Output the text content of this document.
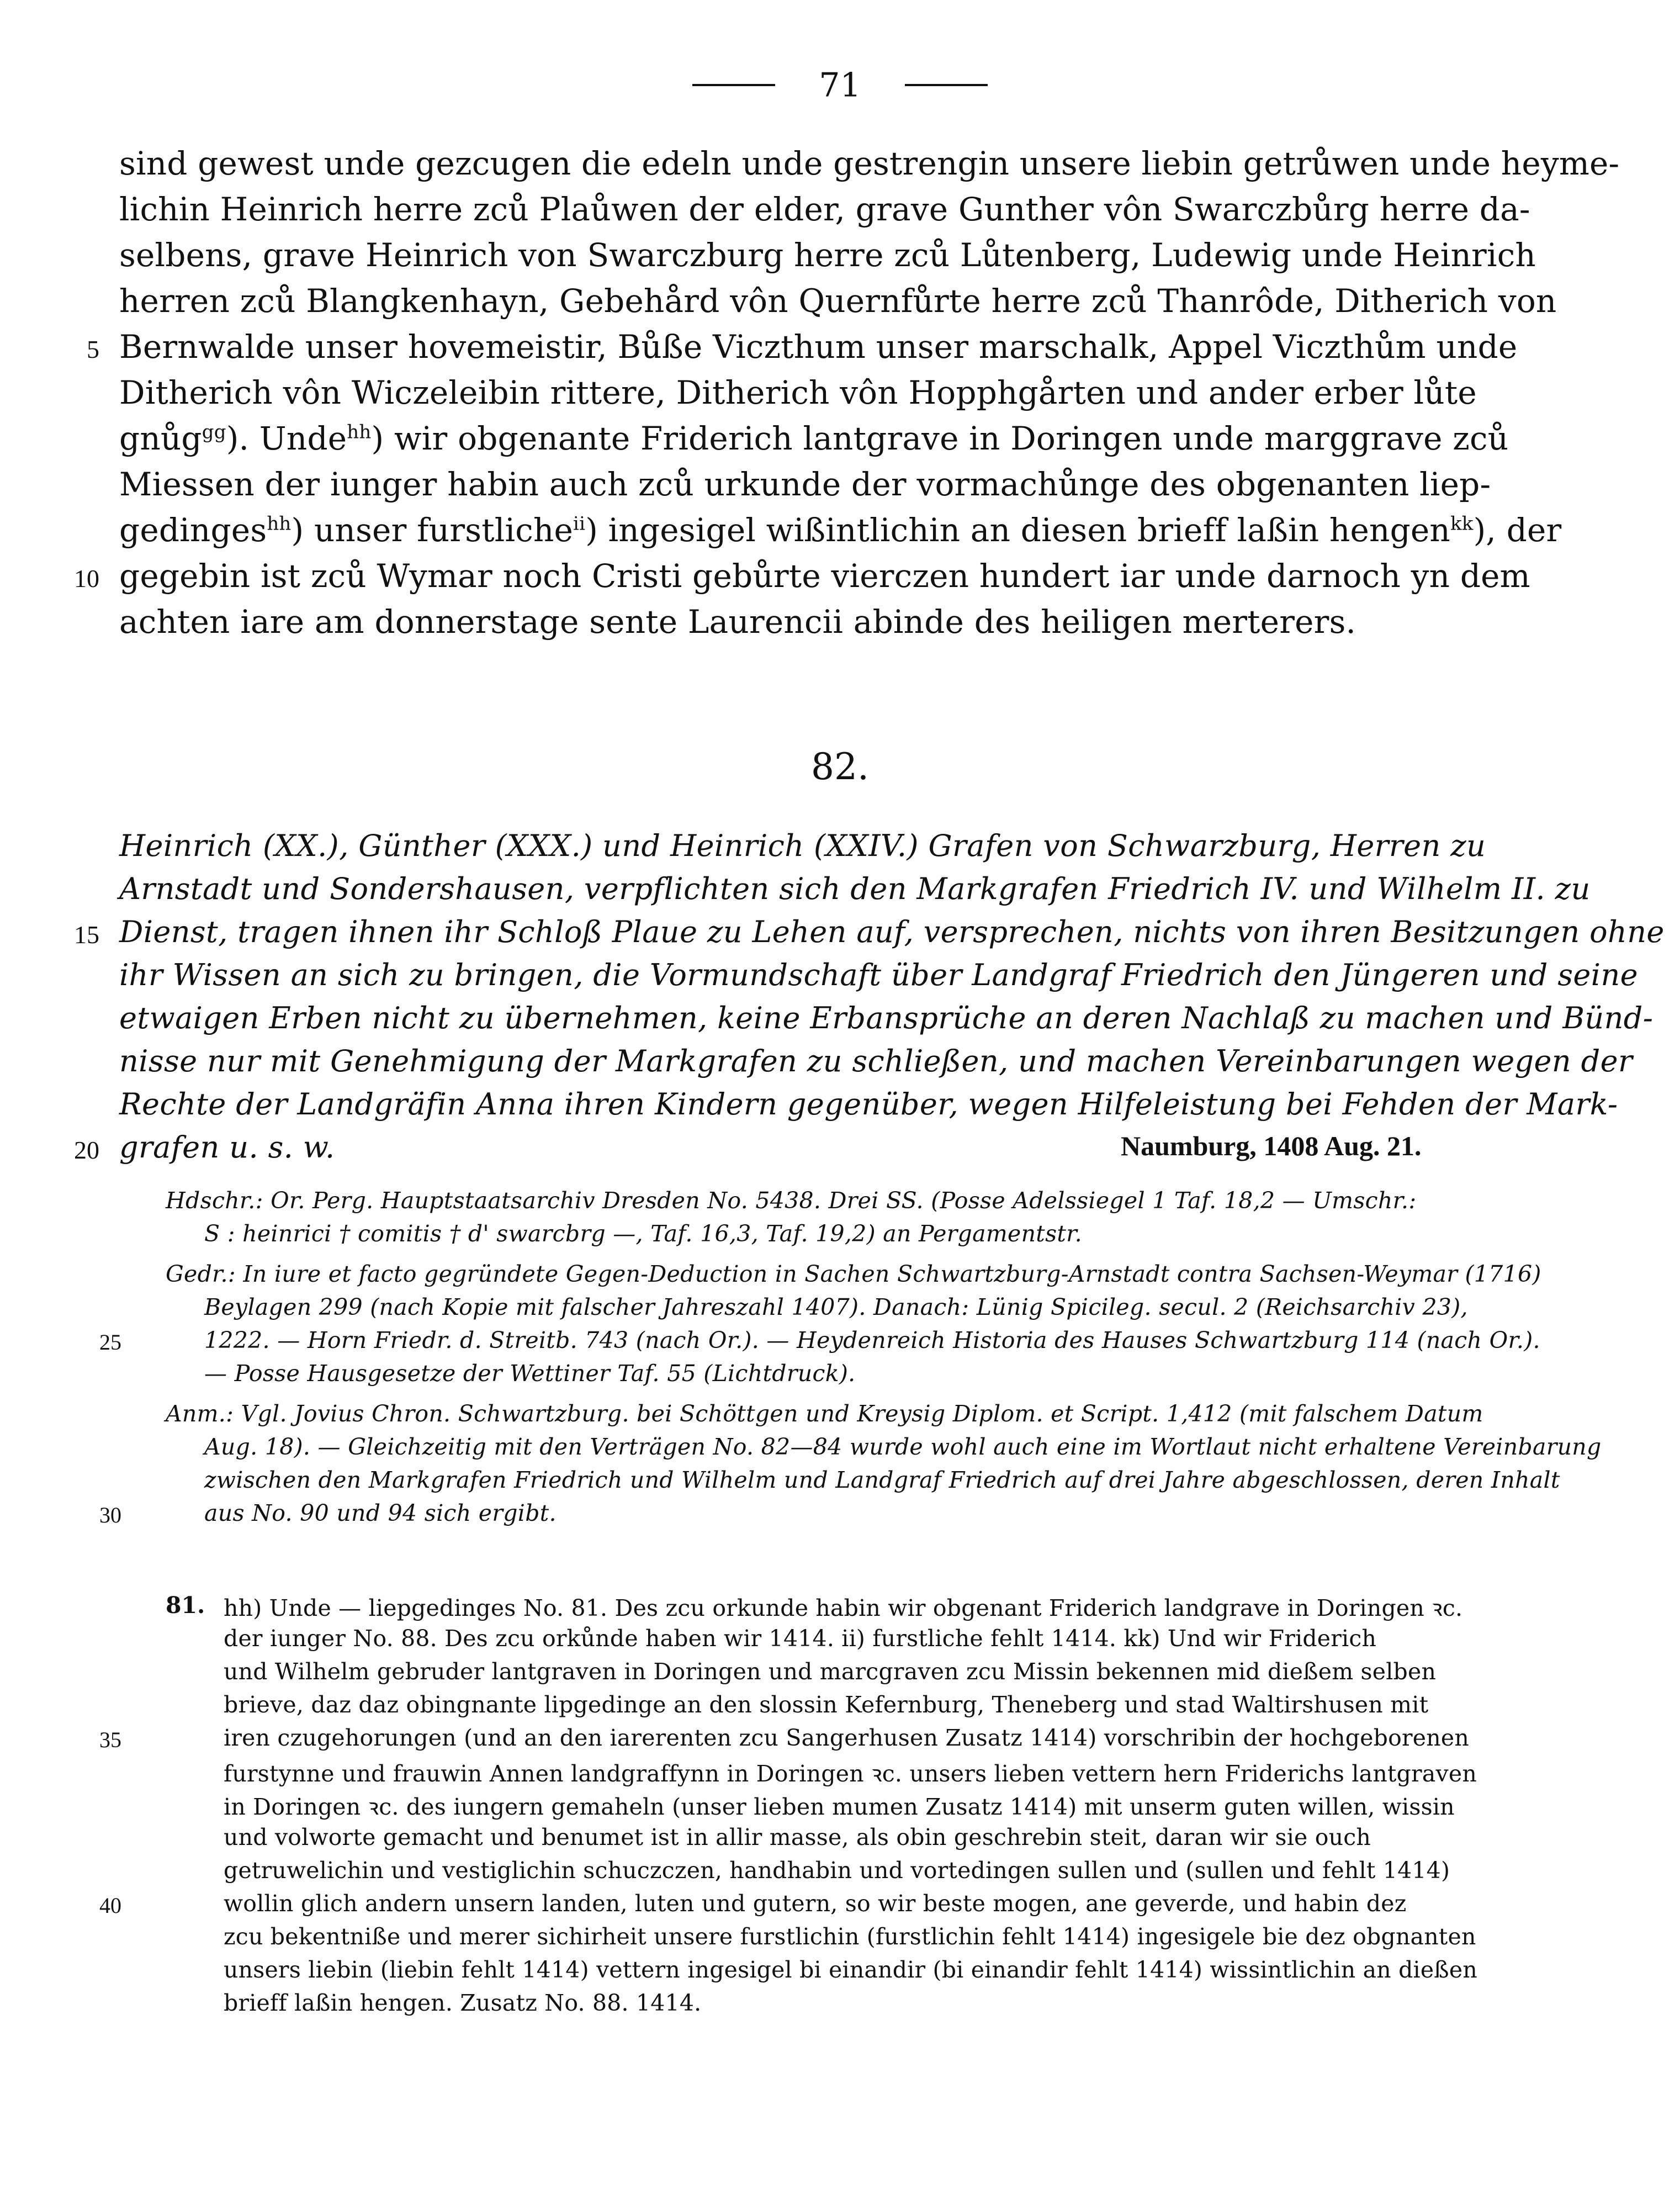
71
sind gewest unde gezcugen die edeln unde gestrengin unsere liebin getrůwen unde heyme-
lichin Heinrich herre zců Plaůwen der elder, grave Gunther vôn Swarczbůrg herre da-
selbens, grave Heinrich von Swarczburg herre zců Lůtenberg, Ludewig unde Heinrich
herren zců Blangkenhayn, Gebehård vôn Quernfůrte herre zců Thanrôde, Ditherich von
5 Bernwalde unser hovemeistir, Bůße Viczthum unser marschalk, Appel Viczthům unde
Ditherich vôn Wiczeleibin rittere, Ditherich vôn Hopphgårten und ander erber lůte
gnůg$^{gg}$). Unde$^{hh}$) wir obgenante Friderich lantgrave in Doringen unde marggrave zců
Miessen der iunger habin auch zců urkunde der vormachůnge des obgenanten liep-
gedinges$^{hh}$) unser furstliche$^{ii}$) ingesigel wißintlichin an diesen brieff laßin hengen$^{kk}$), der
10 gegebin ist zců Wymar noch Cristi gebůrte vierczen hundert iar unde darnoch yn dem
achten iare am donnerstage sente Laurencii abinde des heiligen merterers.
82.
Heinrich (XX.), Günther (XXX.) und Heinrich (XXIV.) Grafen von Schwarzburg, Herren zu
Arnstadt und Sondershausen, verpflichten sich den Markgrafen Friedrich IV. und Wilhelm II. zu
15 Dienst, tragen ihnen ihr Schloß Plaue zu Lehen auf, versprechen, nichts von ihren Besitzungen ohne
ihr Wissen an sich zu bringen, die Vormundschaft über Landgraf Friedrich den Jüngeren und seine
etwaigen Erben nicht zu übernehmen, keine Erbansprüche an deren Nachlaß zu machen und Bünd-
nisse nur mit Genehmigung der Markgrafen zu schließen, und machen Vereinbarungen wegen der
Rechte der Landgräfin Anna ihren Kindern gegenüber, wegen Hilfeleistung bei Fehden der Mark-
20 grafen u. s. w.	Naumburg, 1408 Aug. 21.
Hdschr.: Or. Perg. Hauptstaatsarchiv Dresden No. 5438. Drei SS. (Posse Adelssiegel 1 Taf. 18,2 — Umschr.:
S : heinrici † comitis † d' swarcbrg —, Taf. 16,3, Taf. 19,2) an Pergamentstr.
Gedr.: In iure et facto gegründete Gegen-Deduction in Sachen Schwartzburg-Arnstadt contra Sachsen-Weymar (1716)
Beylagen 299 (nach Kopie mit falscher Jahreszahl 1407). Danach: Lünig Spicileg. secul. 2 (Reichsarchiv 23),
25	1222. — Horn Friedr. d. Streitb. 743 (nach Or.). — Heydenreich Historia des Hauses Schwartzburg 114 (nach Or.).
— Posse Hausgesetze der Wettiner Taf. 55 (Lichtdruck).
Anm.: Vgl. Jovius Chron. Schwartzburg. bei Schöttgen und Kreysig Diplom. et Script. 1,412 (mit falschem Datum
Aug. 18). — Gleichzeitig mit den Verträgen No. 82—84 wurde wohl auch eine im Wortlaut nicht erhaltene Vereinbarung
zwischen den Markgrafen Friedrich und Wilhelm und Landgraf Friedrich auf drei Jahre abgeschlossen, deren Inhalt
30	aus No. 90 und 94 sich ergibt.
81. hh) Unde — liepgedinges No. 81. Des zcu orkunde habin wir obgenant Friderich landgrave in Doringen ꝛc.
der iunger No. 88. Des zcu orkůnde haben wir 1414. ii) furstliche fehlt 1414. kk) Und wir Friderich
und Wilhelm gebruder lantgraven in Doringen und marcgraven zcu Missin bekennen mid dießem selben
brieve, daz daz obingnante lipgedinge an den slossin Kefernburg, Theneberg und stad Waltirshusen mit
35	iren czugehorungen (und an den iarerenten zcu Sangerhusen Zusatz 1414) vorschribin der hochgeborenen
furstynne und frauwin Annen landgraffynn in Doringen ꝛc. unsers lieben vettern hern Friderichs lantgraven
in Doringen ꝛc. des iungern gemaheln (unser lieben mumen Zusatz 1414) mit unserm guten willen, wissin
und volworte gemacht und benumet ist in allir masse, als obin geschrebin steit, daran wir sie ouch
getruwelichin und vestiglichin schuczczen, handhabin und vortedingen sullen und (sullen und fehlt 1414)
40	wollin glich andern unsern landen, luten und gutern, so wir beste mogen, ane geverde, und habin dez
zcu bekentniße und merer sichirheit unsere furstlichin (furstlichin fehlt 1414) ingesigele bie dez obgnanten
unsers liebin (liebin fehlt 1414) vettern ingesigel bi einandir (bi einandir fehlt 1414) wissintlichin an dießen
brieff laßin hengen. Zusatz No. 88. 1414.
